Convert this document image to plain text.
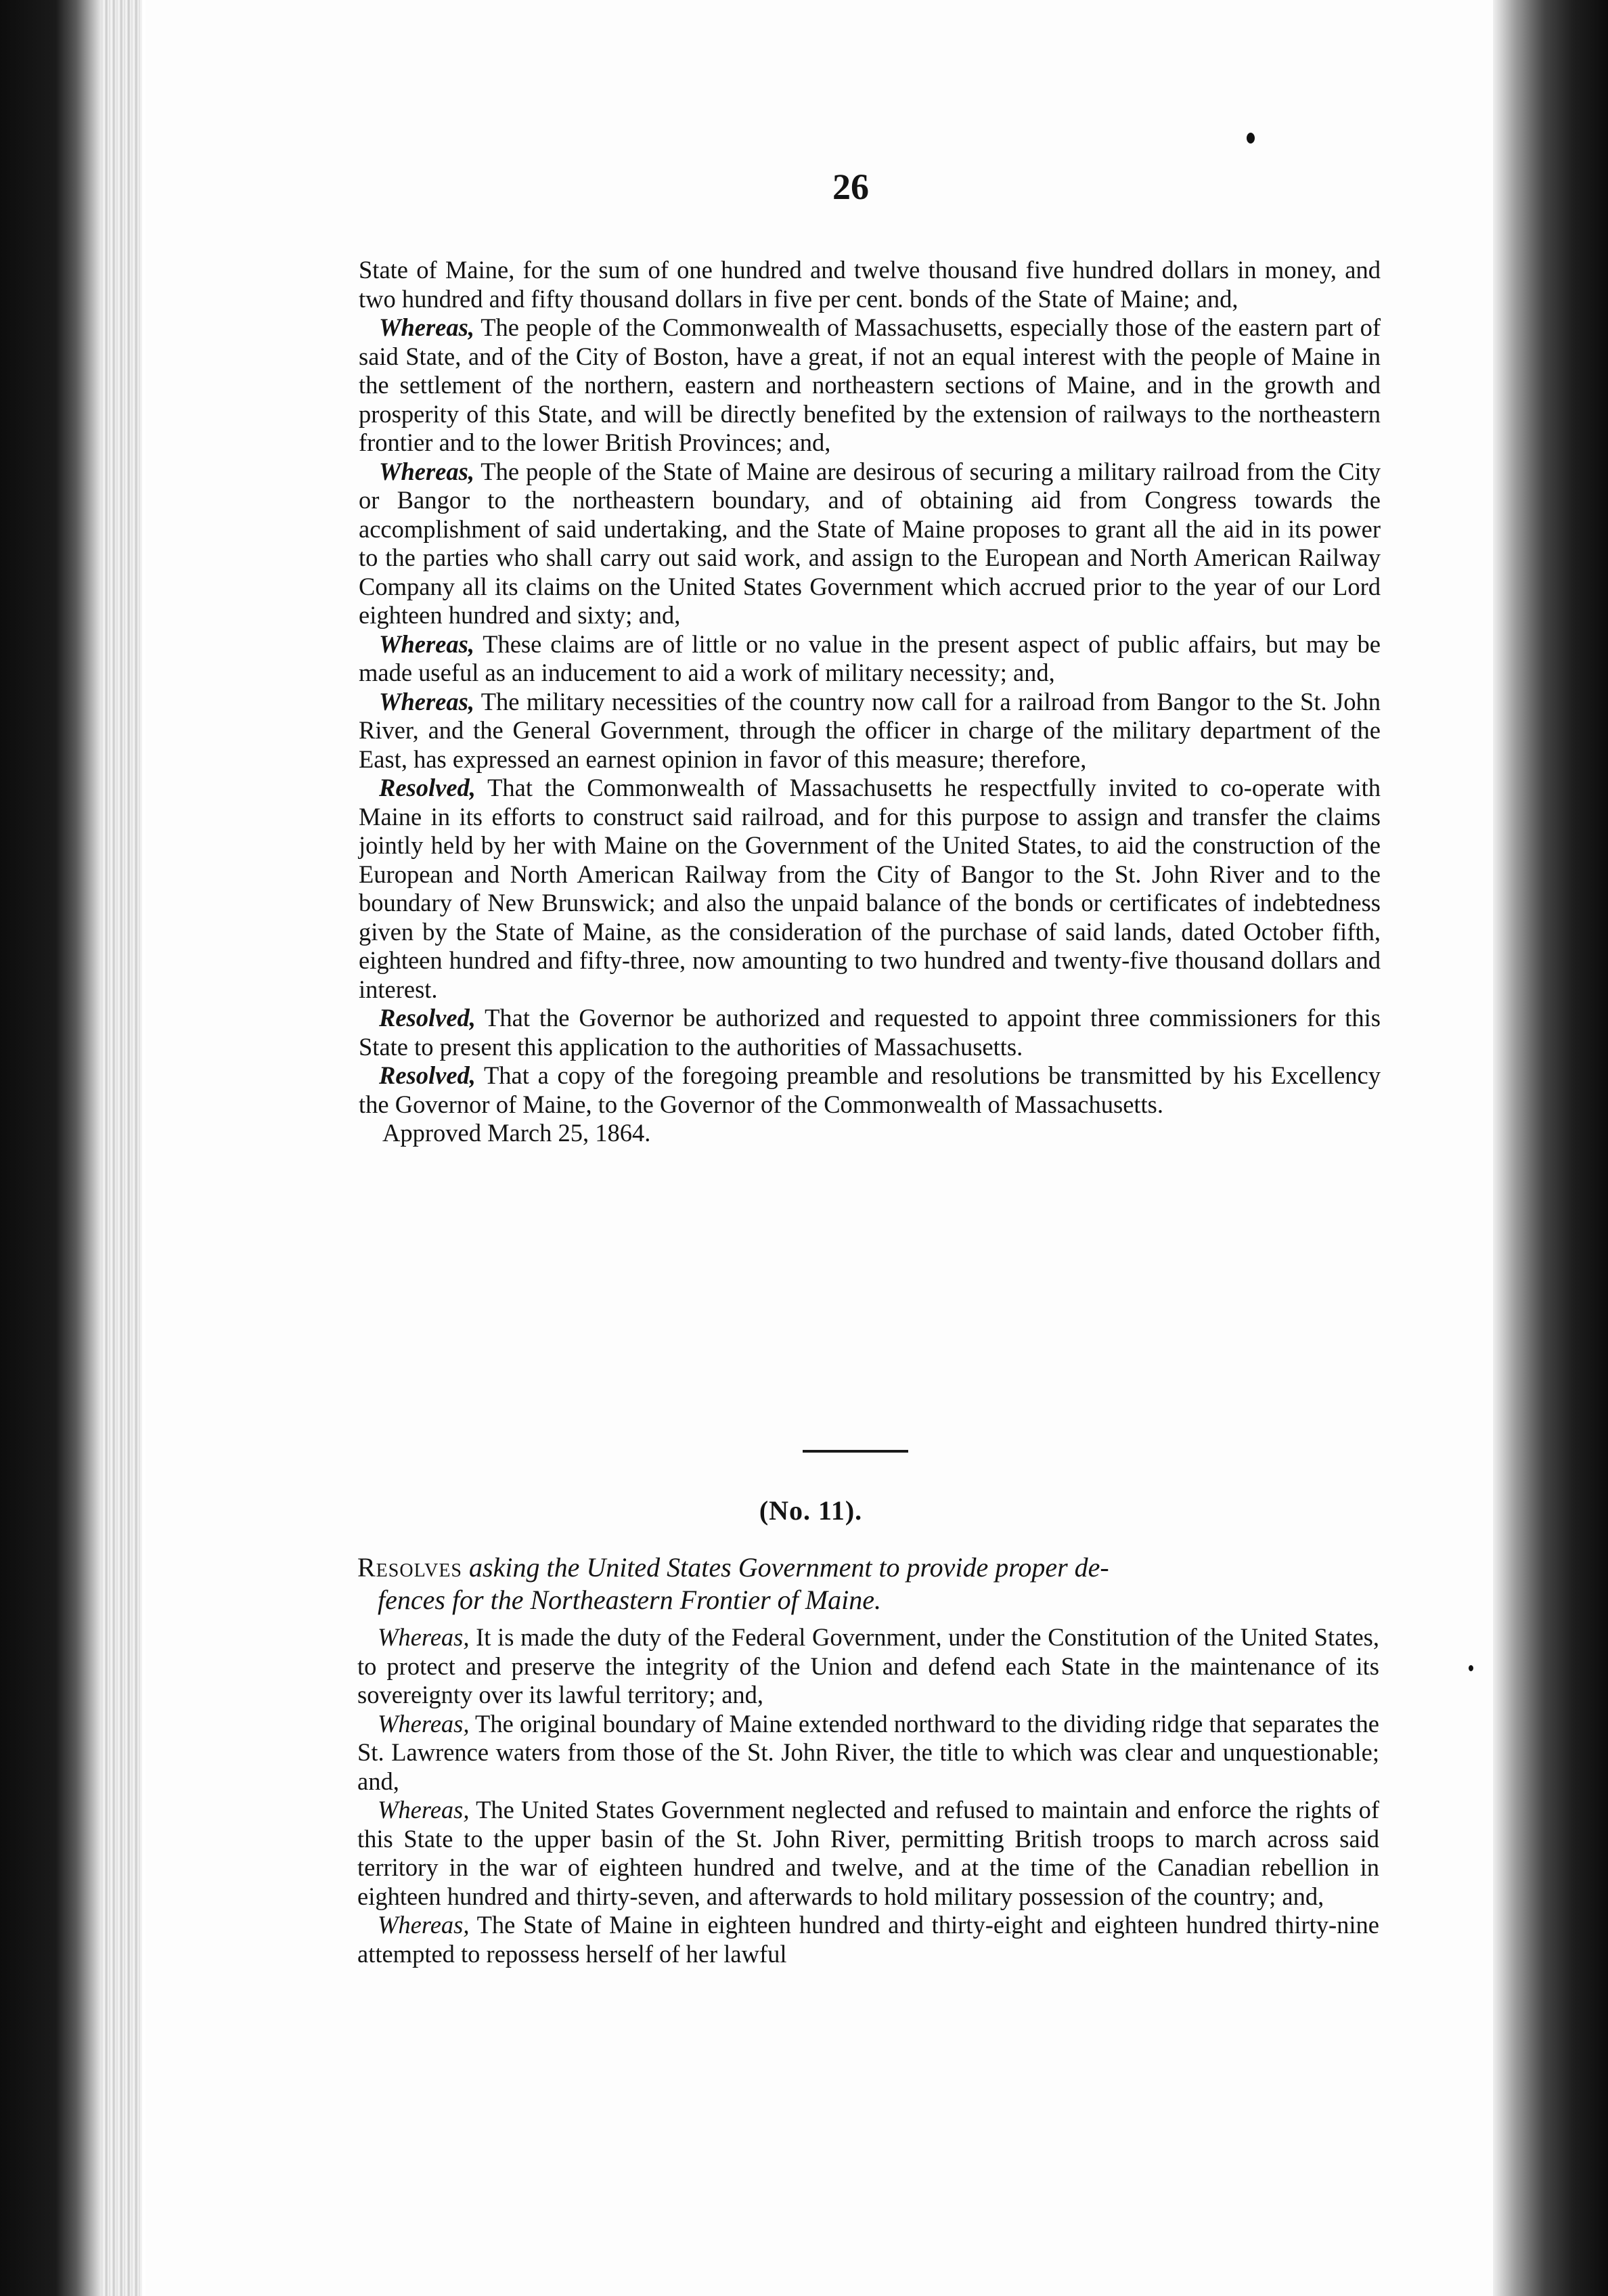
26

State of Maine, for the sum of one hundred and twelve thousand five hundred dollars in money, and two hundred and fifty thousand dollars in five per cent. bonds of the State of Maine; and,

Whereas, The people of the Commonwealth of Massachusetts, especially those of the eastern part of said State, and of the City of Boston, have a great, if not an equal interest with the people of Maine in the settlement of the northern, eastern and northeastern sections of Maine, and in the growth and prosperity of this State, and will be directly benefited by the extension of railways to the northeastern frontier and to the lower British Provinces; and,

Whereas, The people of the State of Maine are desirous of securing a military railroad from the City or Bangor to the northeastern boundary, and of obtaining aid from Congress towards the accomplishment of said undertaking, and the State of Maine proposes to grant all the aid in its power to the parties who shall carry out said work, and assign to the European and North American Railway Company all its claims on the United States Government which accrued prior to the year of our Lord eighteen hundred and sixty; and,

Whereas, These claims are of little or no value in the present aspect of public affairs, but may be made useful as an inducement to aid a work of military necessity; and,

Whereas, The military necessities of the country now call for a railroad from Bangor to the St. John River, and the General Government, through the officer in charge of the military department of the East, has expressed an earnest opinion in favor of this measure; therefore,

Resolved, That the Commonwealth of Massachusetts he respectfully invited to co-operate with Maine in its efforts to construct said railroad, and for this purpose to assign and transfer the claims jointly held by her with Maine on the Government of the United States, to aid the construction of the European and North American Railway from the City of Bangor to the St. John River and to the boundary of New Brunswick; and also the unpaid balance of the bonds or certificates of indebtedness given by the State of Maine, as the consideration of the purchase of said lands, dated October fifth, eighteen hundred and fifty-three, now amounting to two hundred and twenty-five thousand dollars and interest.

Resolved, That the Governor be authorized and requested to appoint three commissioners for this State to present this application to the authorities of Massachusetts.

Resolved, That a copy of the foregoing preamble and resolutions be transmitted by his Excellency the Governor of Maine, to the Governor of the Commonwealth of Massachusetts.

Approved March 25, 1864.

(No. 11).

Resolves asking the United States Government to provide proper de-
fences for the Northeastern Frontier of Maine.

Whereas, It is made the duty of the Federal Government, under the Constitution of the United States, to protect and preserve the integrity of the Union and defend each State in the maintenance of its sovereignty over its lawful territory; and,

Whereas, The original boundary of Maine extended northward to the dividing ridge that separates the St. Lawrence waters from those of the St. John River, the title to which was clear and unquestionable; and,

Whereas, The United States Government neglected and refused to maintain and enforce the rights of this State to the upper basin of the St. John River, permitting British troops to march across said territory in the war of eighteen hundred and twelve, and at the time of the Canadian rebellion in eighteen hundred and thirty-seven, and afterwards to hold military possession of the country; and,

Whereas, The State of Maine in eighteen hundred and thirty-eight and eighteen hundred thirty-nine attempted to repossess herself of her lawful
